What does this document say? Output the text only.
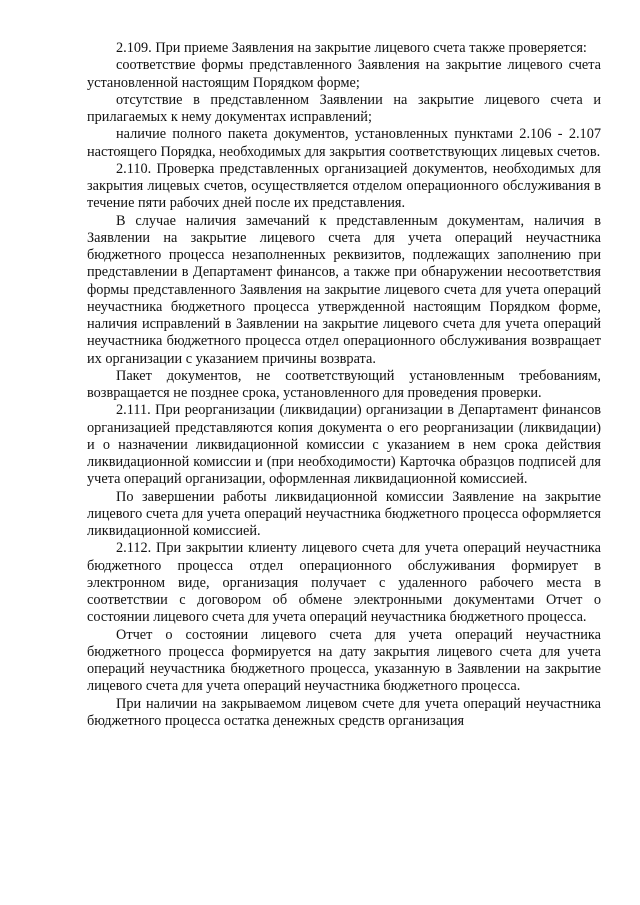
2.109. При приеме Заявления на закрытие лицевого счета также проверяется:

соответствие формы представленного Заявления на закрытие лицевого счета установленной настоящим Порядком форме;

отсутствие в представленном Заявлении на закрытие лицевого счета и прилагаемых к нему документах исправлений;

наличие полного пакета документов, установленных пунктами 2.106 - 2.107 настоящего Порядка, необходимых для закрытия соответствующих лицевых счетов.

2.110. Проверка представленных организацией документов, необходимых для закрытия лицевых счетов, осуществляется отделом операционного обслуживания в течение пяти рабочих дней после их представления.

В случае наличия замечаний к представленным документам, наличия в Заявлении на закрытие лицевого счета для учета операций неучастника бюджетного процесса незаполненных реквизитов, подлежащих заполнению при представлении в Департамент финансов, а также при обнаружении несоответствия формы представленного Заявления на закрытие лицевого счета для учета операций неучастника бюджетного процесса утвержденной настоящим Порядком форме, наличия исправлений в Заявлении на закрытие лицевого счета для учета операций неучастника бюджетного процесса отдел операционного обслуживания возвращает их организации с указанием причины возврата.

Пакет документов, не соответствующий установленным требованиям, возвращается не позднее срока, установленного для проведения проверки.

2.111. При реорганизации (ликвидации) организации в Департамент финансов организацией представляются копия документа о его реорганизации (ликвидации) и о назначении ликвидационной комиссии с указанием в нем срока действия ликвидационной комиссии и (при необходимости) Карточка образцов подписей для учета операций организации, оформленная ликвидационной комиссией.

По завершении работы ликвидационной комиссии Заявление на закрытие лицевого счета для учета операций неучастника бюджетного процесса оформляется ликвидационной комиссией.

2.112. При закрытии клиенту лицевого счета для учета операций неучастника бюджетного процесса отдел операционного обслуживания формирует в электронном виде, организация получает с удаленного рабочего места в соответствии с договором об обмене электронными документами Отчет о состоянии лицевого счета для учета операций неучастника бюджетного процесса.

Отчет о состоянии лицевого счета для учета операций неучастника бюджетного процесса формируется на дату закрытия лицевого счета для учета операций неучастника бюджетного процесса, указанную в Заявлении на закрытие лицевого счета для учета операций неучастника бюджетного процесса.

При наличии на закрываемом лицевом счете для учета операций неучастника бюджетного процесса остатка денежных средств организация
